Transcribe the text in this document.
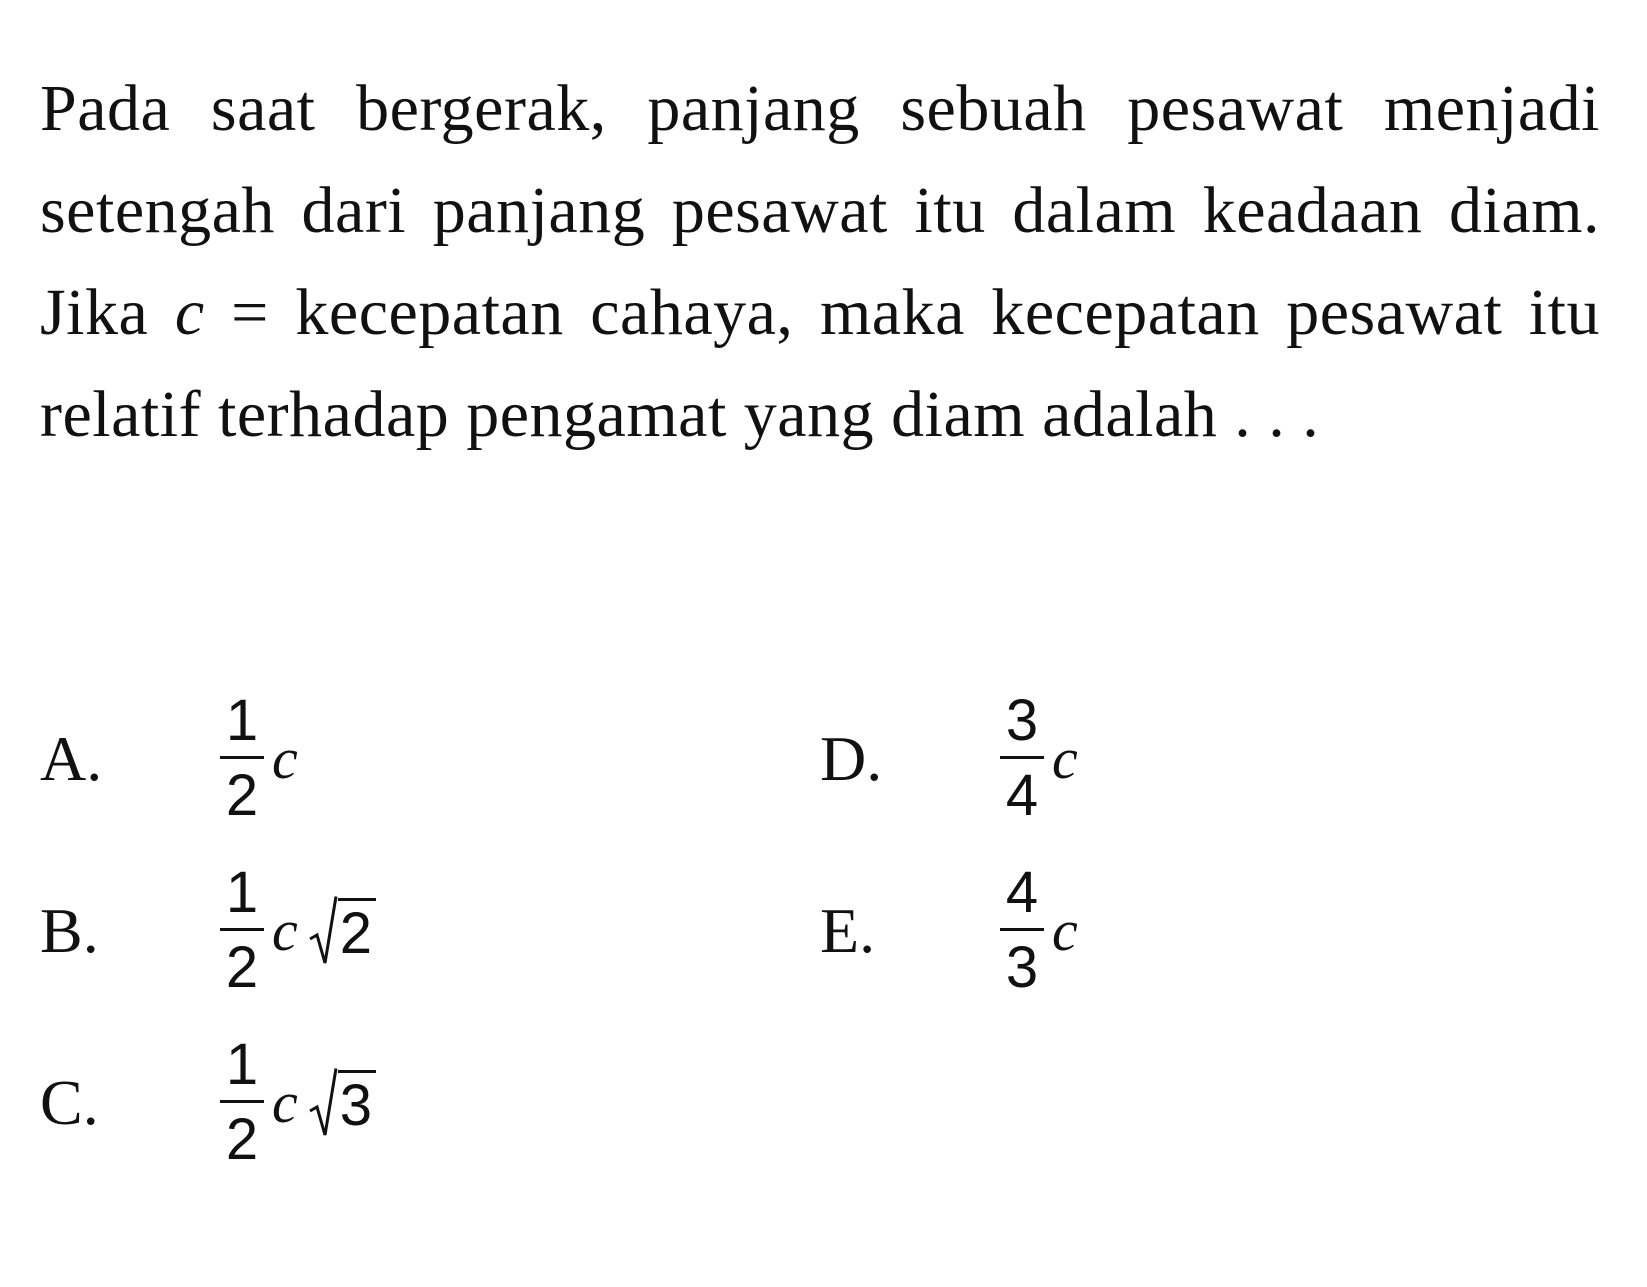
Pada saat bergerak, panjang sebuah pesawat menjadi setengah dari panjang pesawat itu dalam keadaan diam. Jika c = kecepatan cahaya, maka kecepatan pesawat itu relatif terhadap pengamat yang diam adalah . . .

A.	$\frac{1}{2}$ c
B.	$\frac{1}{2}$ c 2
C.	$\frac{1}{2}$ c 3
D.	$\frac{3}{4}$ c
E.	$\frac{4}{3}$ c
